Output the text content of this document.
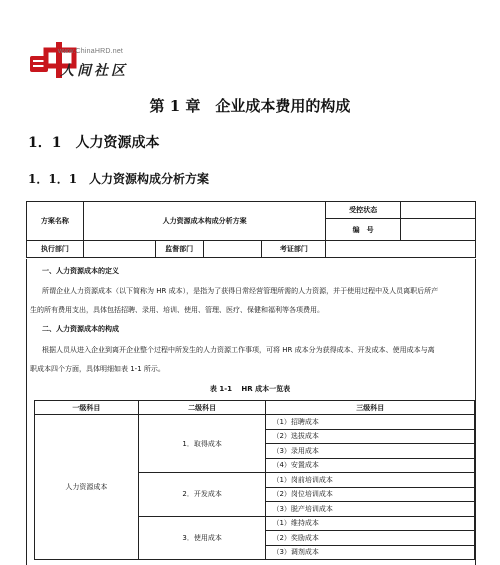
www.ChinaHRD.net
人间社区
第 1 章　企业成本费用的构成
1．1　人力资源成本
1．1．1　人力资源构成分析方案
方案名称	人力资源成本构成分析方案				受控状态	
					编　号	
执行部门		监督部门		考证部门		
一、人力资源成本的定义
所谓企业人力资源成本（以下简称为 HR 成本），是指为了获得日常经营管理所需的人力资源，并于使用过程中及人员离职后所产
生的所有费用支出，具体包括招聘、录用、培训、使用、管理、医疗、保健和福利等各项费用。
二、人力资源成本的构成
根据人员从进入企业到离开企业整个过程中所发生的人力资源工作事项，可将 HR 成本分为获得成本、开发成本、使用成本与离
职成本四个方面，具体明细如表 1-1 所示。
表 1-1　 HR 成本一览表
一级科目	二级科目	三级科目
人力资源成本	1．取得成本	（1）招聘成本
		（2）选拔成本
		（3）录用成本
		（4）安置成本
	2．开发成本	（1）岗前培训成本
		（2）岗位培训成本
		（3）脱产培训成本
	3．使用成本	（1）维持成本
		（2）奖励成本
		（3）调剂成本
